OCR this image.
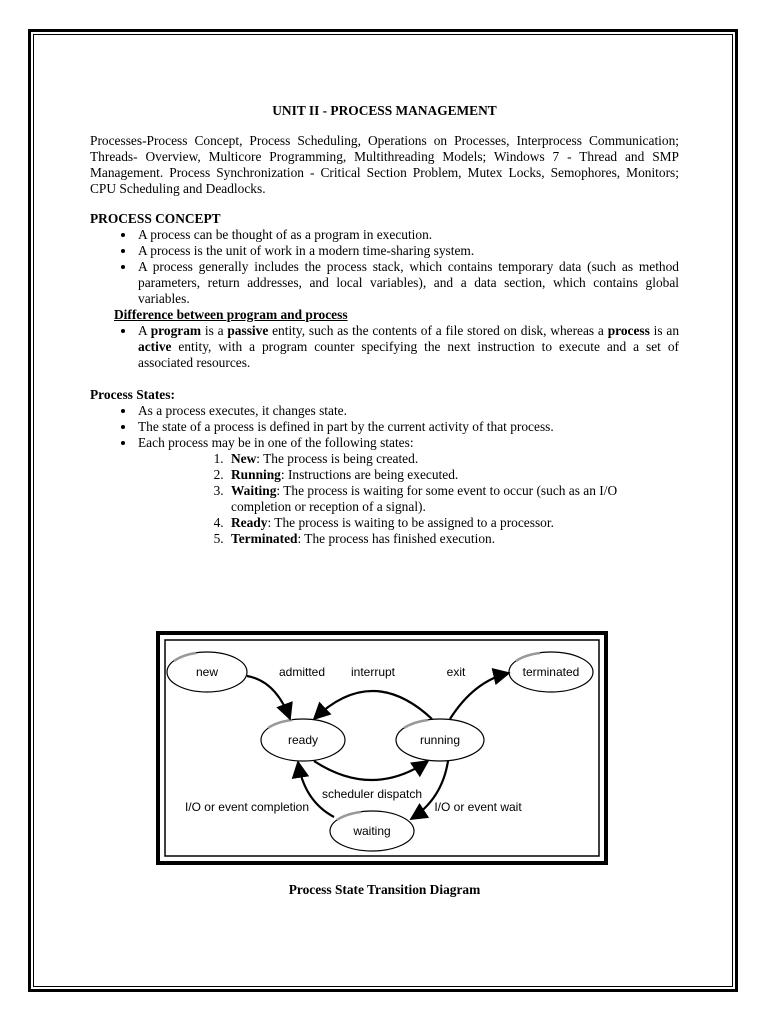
UNIT II - PROCESS MANAGEMENT

Processes-Process Concept, Process Scheduling, Operations on Processes, Interprocess Communication; Threads- Overview, Multicore Programming, Multithreading Models; Windows 7 - Thread and SMP Management. Process Synchronization - Critical Section Problem, Mutex Locks, Semophores, Monitors; CPU Scheduling and Deadlocks.

PROCESS CONCEPT
• A process can be thought of as a program in execution.
• A process is the unit of work in a modern time-sharing system.
• A process generally includes the process stack, which contains temporary data (such as method parameters, return addresses, and local variables), and a data section, which contains global variables.
Difference between program and process
• A program is a passive entity, such as the contents of a file stored on disk, whereas a process is an active entity, with a program counter specifying the next instruction to execute and a set of associated resources.
Process States:
• As a process executes, it changes state.
• The state of a process is defined in part by the current activity of that process.
• Each process may be in one of the following states:
1. New: The process is being created.
2. Running: Instructions are being executed.
3. Waiting: The process is waiting for some event to occur (such as an I/O completion or reception of a signal).
4. Ready: The process is waiting to be assigned to a processor.
5. Terminated: The process has finished execution.
new
ready	running
waiting
terminated
admitted interrupt	exit
scheduler dispatch
I/O or event completion	I/O or event wait
Process State Transition Diagram
